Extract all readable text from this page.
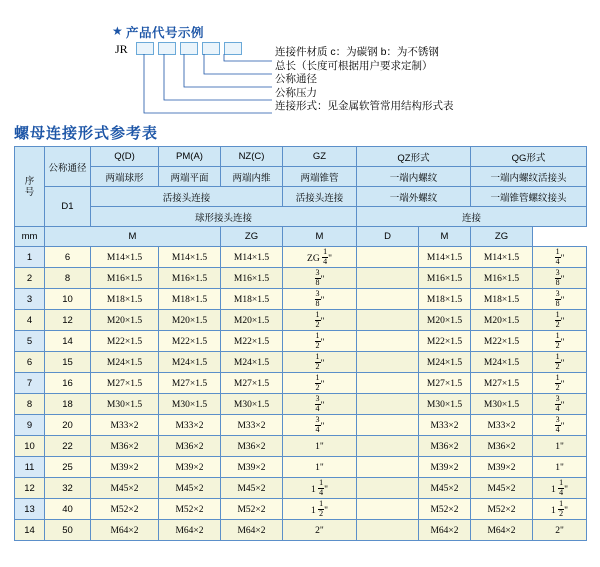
★ 产品代号示例
JR	连接件材质 c：为碳钢 b：为不锈钢
总长（长度可根据用户要求定制）
公称通径
公称压力
连接形式：见金属软管常用结构形式表
螺母连接形式参考表
序
号	公称通径	Q(D)	PM(A)	NZ(C)	GZ	QZ形式		QG形式	
		两端球形	两端平面	两端内维	两端锥管	一端内螺纹		一端内螺纹活接头	
	D1	活接头连接			活接头连接	一端外螺纹		一端锥管螺纹接头	
		球形接头连接				连接			
mm	M			ZG	M	D	M	ZG	
1	6	M14×1.5	M14×1.5	M14×1.5	ZG $\frac{1}{4}$ "		M14×1.5	M14×1.5	$\frac{1}{4}$ "
2	8	M16×1.5	M16×1.5	M16×1.5	$\frac{3}{8}$ "		M16×1.5	M16×1.5	$\frac{3}{8}$ "
3	10	M18×1.5	M18×1.5	M18×1.5	$\frac{3}{8}$ "		M18×1.5	M18×1.5	$\frac{3}{8}$ "
4	12	M20×1.5	M20×1.5	M20×1.5	$\frac{1}{2}$ "		M20×1.5	M20×1.5	$\frac{1}{2}$ "
5	14	M22×1.5	M22×1.5	M22×1.5	$\frac{1}{2}$ "		M22×1.5	M22×1.5	$\frac{1}{2}$ "
6	15	M24×1.5	M24×1.5	M24×1.5	$\frac{1}{2}$ "		M24×1.5	M24×1.5	$\frac{1}{2}$ "
7	16	M27×1.5	M27×1.5	M27×1.5	$\frac{1}{2}$ "		M27×1.5	M27×1.5	$\frac{1}{2}$ "
8	18	M30×1.5	M30×1.5	M30×1.5	$\frac{3}{4}$ "		M30×1.5	M30×1.5	$\frac{3}{4}$ "
9	20	M33×2	M33×2	M33×2	$\frac{3}{4}$ "		M33×2	M33×2	$\frac{3}{4}$ "
10	22	M36×2	M36×2	M36×2	1"		M36×2	M36×2	1"
11	25	M39×2	M39×2	M39×2	1"		M39×2	M39×2	1"
12	32	M45×2	M45×2	M45×2	$1 \frac{1}{4}$ "		M45×2	M45×2	$1 \frac{1}{4}$ "
13	40	M52×2	M52×2	M52×2	$1 \frac{1}{2}$ "		M52×2	M52×2	$1 \frac{1}{2}$ "
14	50	M64×2	M64×2	M64×2	2"		M64×2	M64×2	2"
